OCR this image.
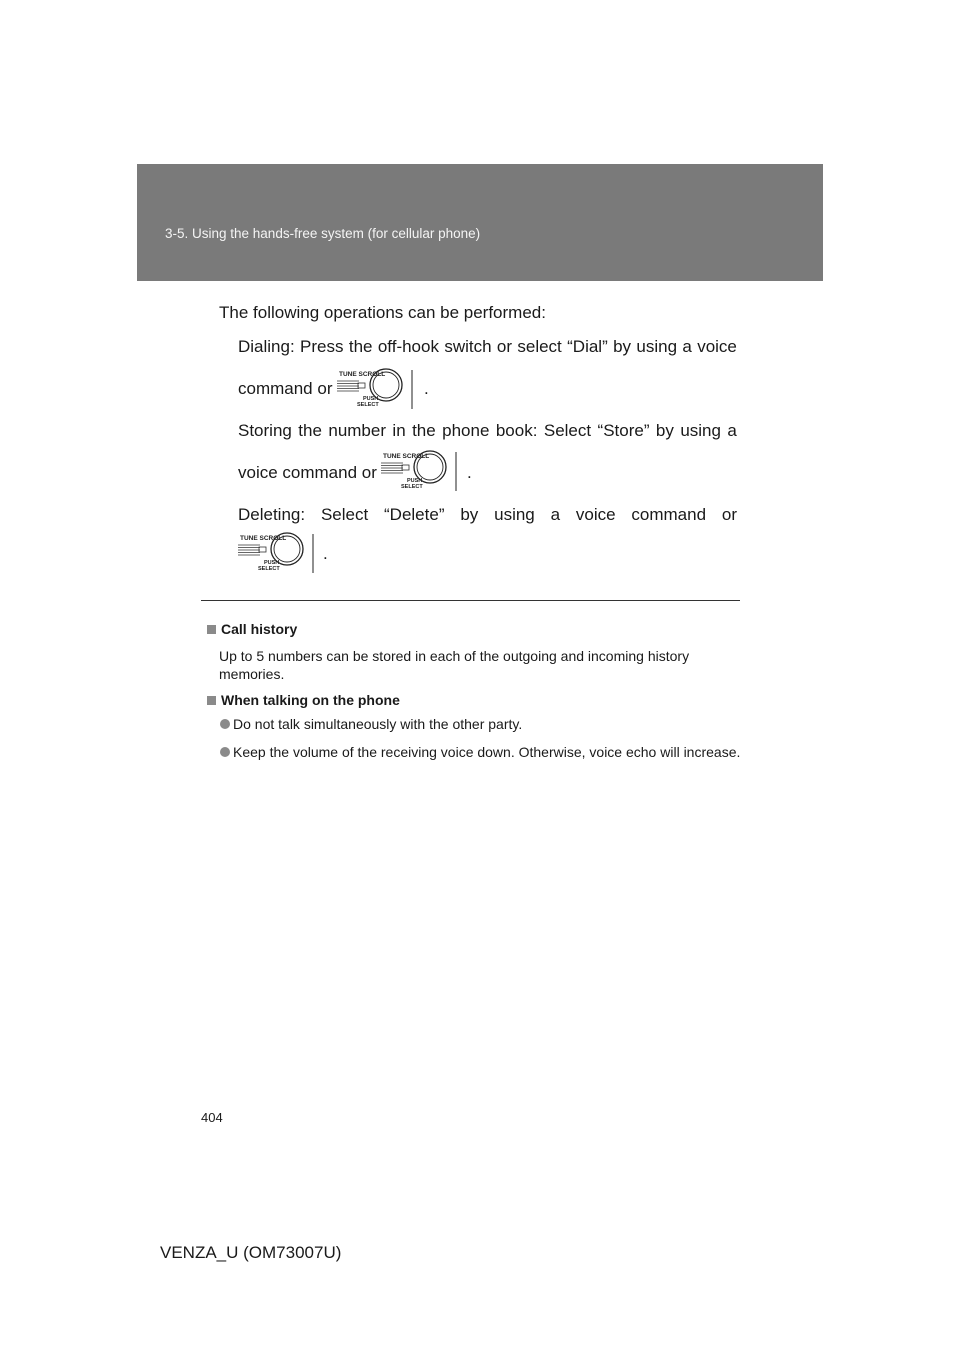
3-5. Using the hands-free system (for cellular phone)
The following operations can be performed:
Dialing: Press the off-hook switch or select “Dial” by using a voice
command or
TUNE SCROLL
PUSH
SELECT
.
Storing the number in the phone book: Select “Store” by using a
voice command or
TUNE SCROLL
PUSH
SELECT
.
Deleting: Select “Delete” by using a voice command or
TUNE SCROLL
PUSH
SELECT
.
Call history
Up to 5 numbers can be stored in each of the outgoing and incoming history memories.
When talking on the phone
Do not talk simultaneously with the other party.
Keep the volume of the receiving voice down. Otherwise, voice echo will increase.
404
VENZA_U (OM73007U)
